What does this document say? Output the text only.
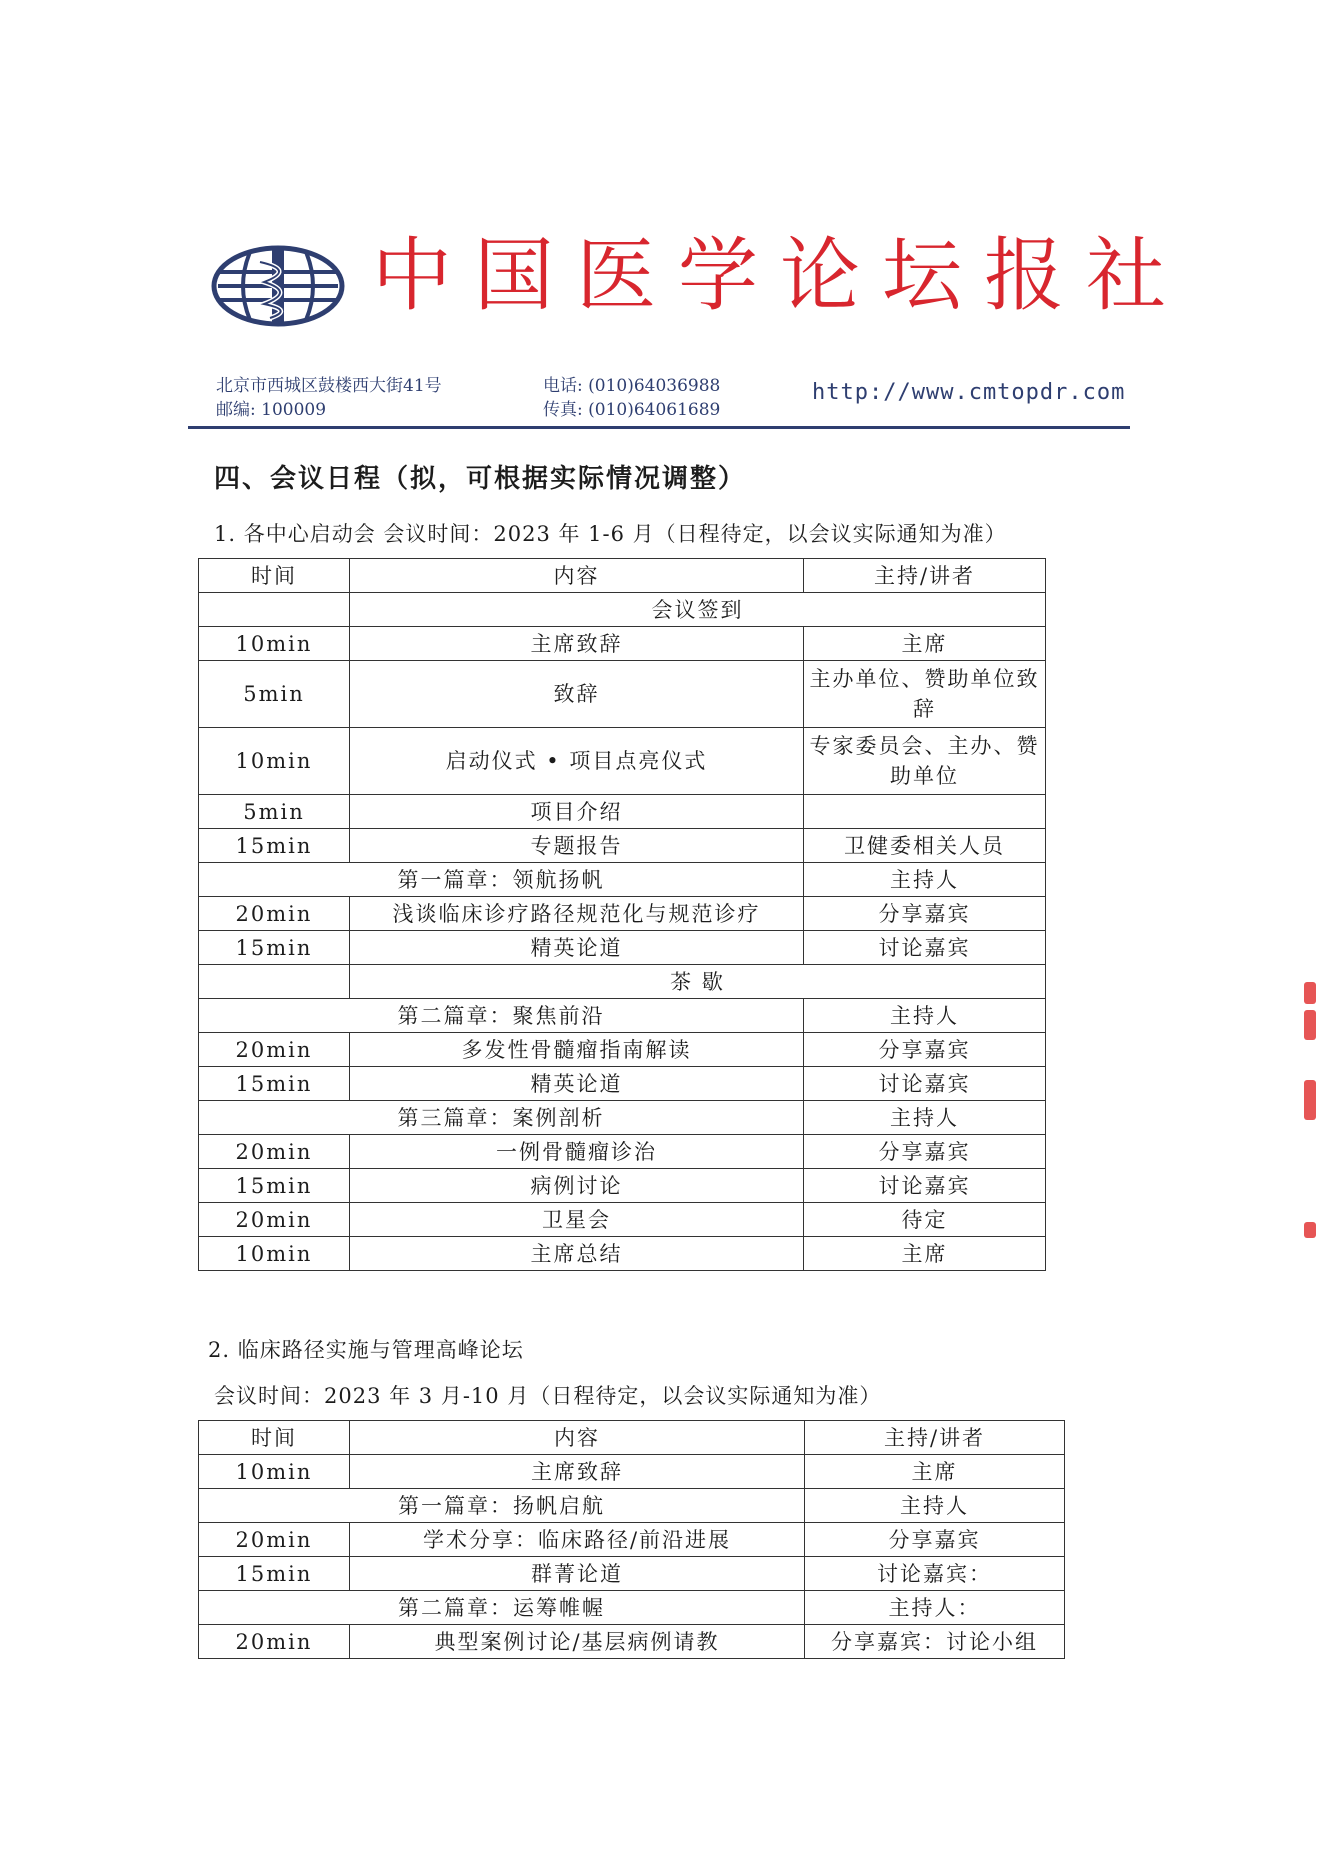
中国医学论坛报社
北京市西城区鼓楼西大街41号
邮编: 100009
电话: (010)64036988
传真: (010)64061689
http://www.cmtopdr.com
四、会议日程（拟，可根据实际情况调整）
1. 各中心启动会 会议时间：2023 年 1-6 月（日程待定，以会议实际通知为准）
时间	内容	主持/讲者
	会议签到	
10min	主席致辞	主席
5min	致辞	主办单位、赞助单位致辞
10min	启动仪式 • 项目点亮仪式	专家委员会、主办、赞助单位
5min	项目介绍	
15min	专题报告	卫健委相关人员
第一篇章：领航扬帆		主持人
20min	浅谈临床诊疗路径规范化与规范诊疗	分享嘉宾
15min	精英论道	讨论嘉宾
	茶 歇	
第二篇章：聚焦前沿		主持人
20min	多发性骨髓瘤指南解读	分享嘉宾
15min	精英论道	讨论嘉宾
第三篇章：案例剖析		主持人
20min	一例骨髓瘤诊治	分享嘉宾
15min	病例讨论	讨论嘉宾
20min	卫星会	待定
10min	主席总结	主席
2. 临床路径实施与管理高峰论坛
会议时间：2023 年 3 月-10 月（日程待定，以会议实际通知为准）
时间	内容	主持/讲者
10min	主席致辞	主席
第一篇章：扬帆启航		主持人
20min	学术分享：临床路径/前沿进展	分享嘉宾
15min	群菁论道	讨论嘉宾：
第二篇章：运筹帷幄		主持人：
20min	典型案例讨论/基层病例请教	分享嘉宾：讨论小组
